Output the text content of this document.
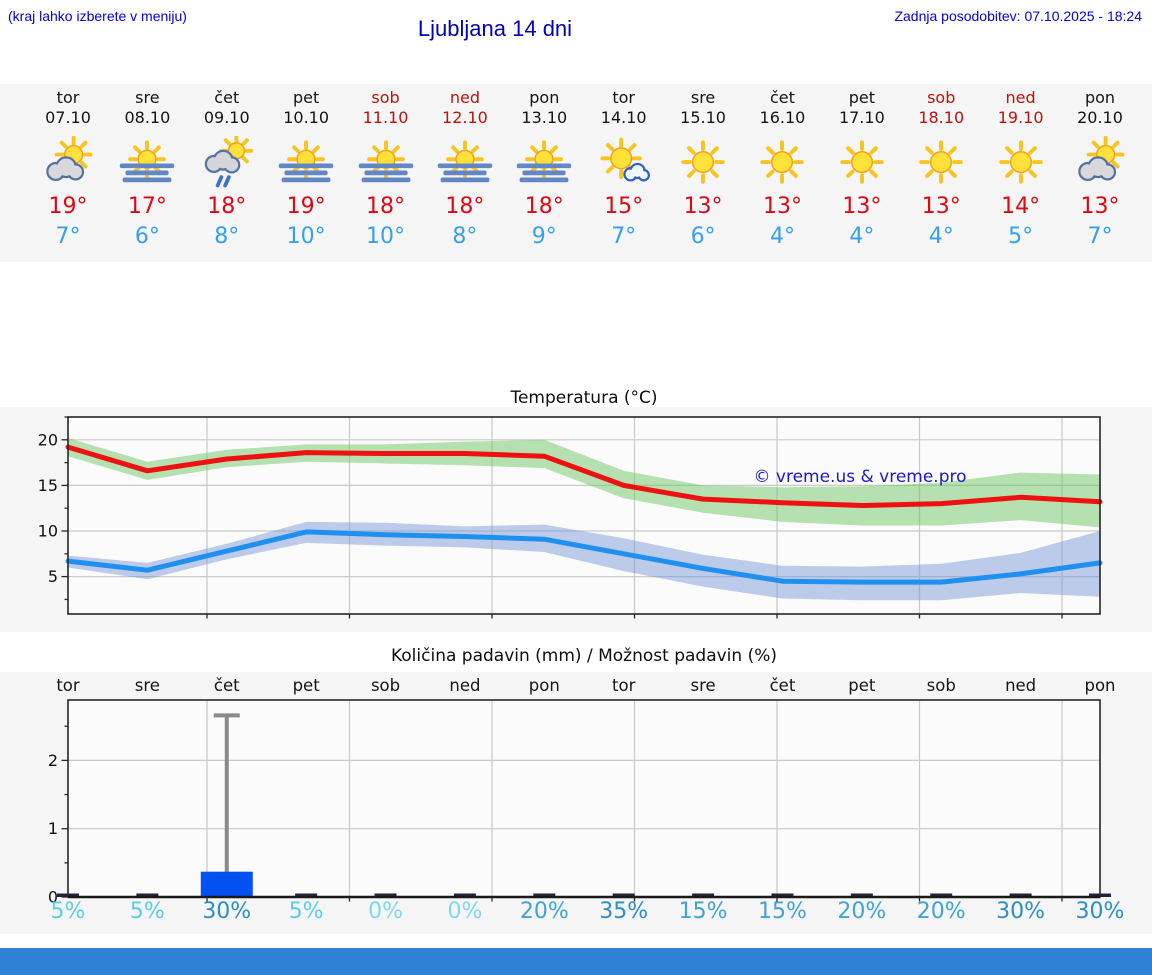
(kraj lahko izberete v meniju)	Ljubljana 14 dni	Zadnja posodobitev: 07.10.2025 - 18:24
tor
07.10
19°
7°
sre
08.10
17°
6°
čet
09.10
18°
8°
pet
10.10
19°
10°
sob
11.10
18°
10°
ned
12.10
18°
8°
pon
13.10
18°
9°
tor
14.10
15°
7°
sre
15.10
13°
6°
čet
16.10
13°
4°
pet
17.10
13°
4°
sob
18.10
13°
4°
ned
19.10
14°
5°
pon
20.10
13°
7°
Temperatura (°C)
5
10
15
20
© vreme.us & vreme.pro
Količina padavin (mm) / Možnost padavin (%)
tor	sre	čet	pet	sob	ned	pon	tor	sre	čet	pet	sob	ned	pon
0
1
2
5%	5%	30%	5%	0%	0%	20%	35%	15%	15%	20%	20%	30%	30%
